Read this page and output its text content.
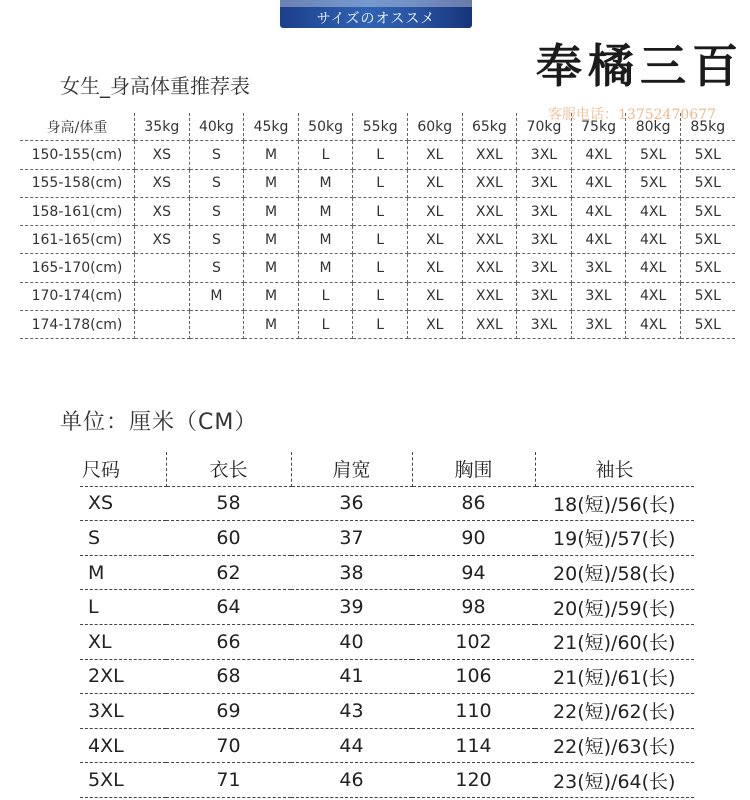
サイズのオススメ
奉橘三百
客服电话：13752470677
女生_身高体重推荐表
身高/体重	35kg	40kg	45kg	50kg	55kg	60kg	65kg	70kg	75kg	80kg	85kg
150-155(cm)	XS	S	M	L	L	XL	XXL	3XL	4XL	5XL	5XL
155-158(cm)	XS	S	M	M	L	XL	XXL	3XL	4XL	5XL	5XL
158-161(cm)	XS	S	M	M	L	XL	XXL	3XL	4XL	4XL	5XL
161-165(cm)	XS	S	M	M	L	XL	XXL	3XL	4XL	4XL	5XL
165-170(cm)		S	M	M	L	XL	XXL	3XL	3XL	4XL	5XL
170-174(cm)		M	M	L	L	XL	XXL	3XL	3XL	4XL	5XL
174-178(cm)			M	L	L	XL	XXL	3XL	3XL	4XL	5XL
单位：厘米（CM）
尺码	衣长	肩宽	胸围	袖长
XS	58	36	86	18(短)/56(长)
S	60	37	90	19(短)/57(长)
M	62	38	94	20(短)/58(长)
L	64	39	98	20(短)/59(长)
XL	66	40	102	21(短)/60(长)
2XL	68	41	106	21(短)/61(长)
3XL	69	43	110	22(短)/62(长)
4XL	70	44	114	22(短)/63(长)
5XL	71	46	120	23(短)/64(长)
